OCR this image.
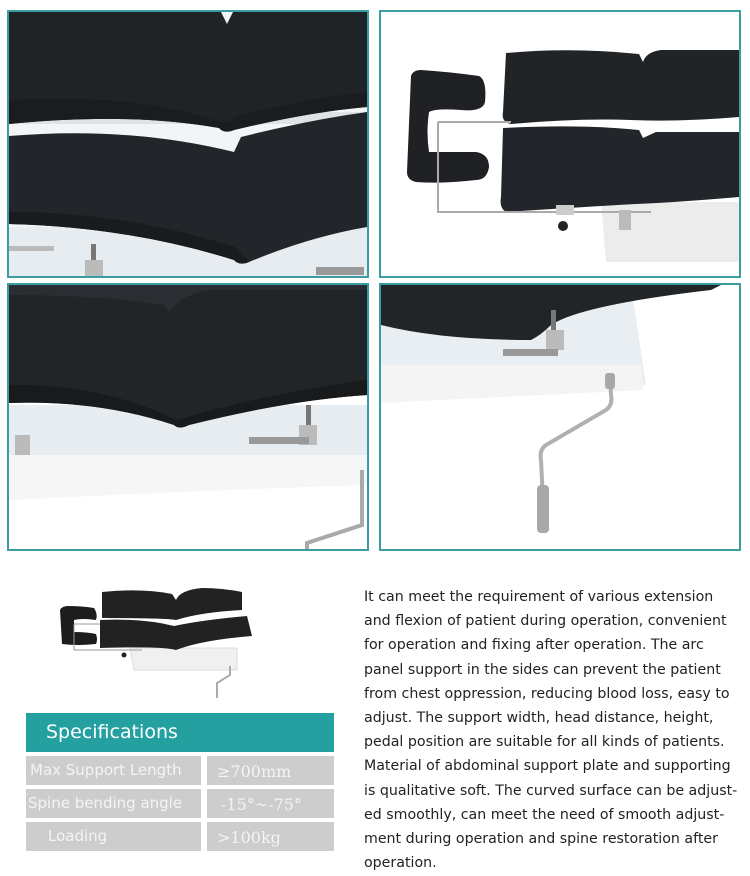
Specifications
Max Support Length	≥700mm
Spine bending angle	-15°~-75°
Loading	>100kg

It can meet the requirement of various extension

and flexion of patient during operation, convenient

for operation and fixing after operation. The arc

panel support in the sides can prevent the patient

from chest oppression, reducing blood loss, easy to

adjust. The support width, head distance, height,

pedal position are suitable for all kinds of patients.

Material of abdominal support plate and supporting

is qualitative soft. The curved surface can be adjust-

ed smoothly, can meet the need of smooth adjust-

ment during operation and spine restoration after

operation.
